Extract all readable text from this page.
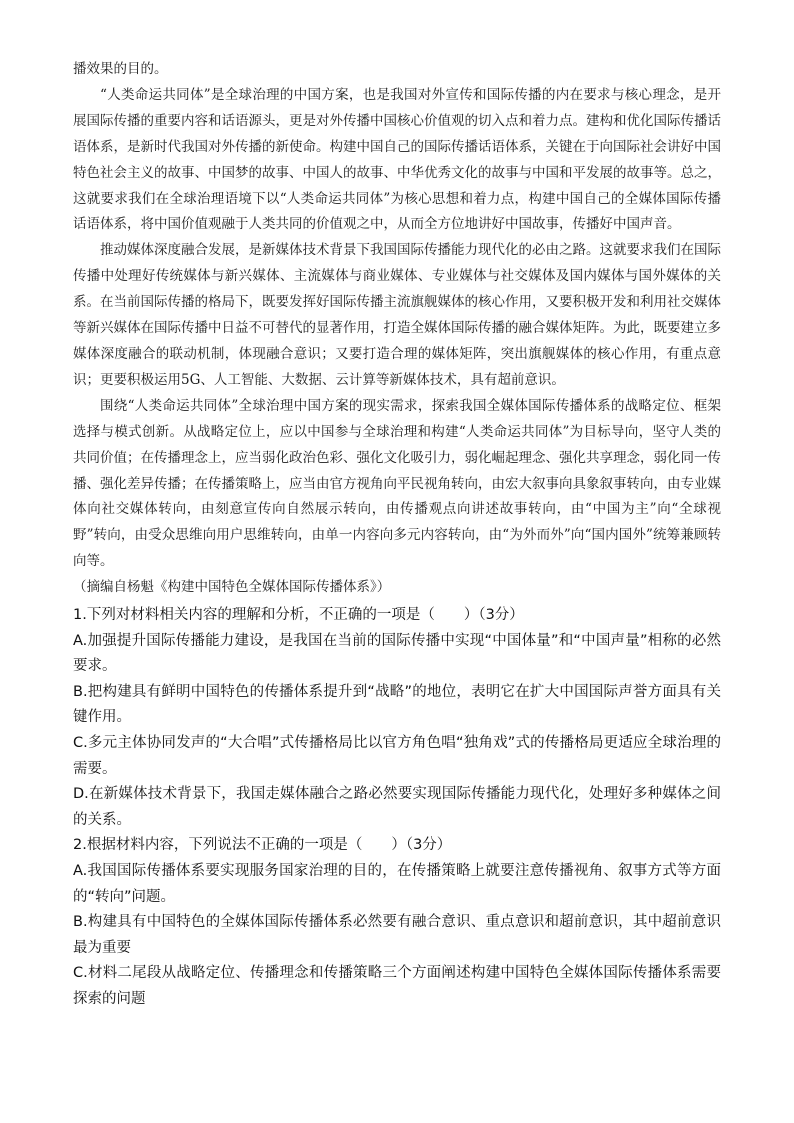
播效果的目的。

“人类命运共同体”是全球治理的中国方案，也是我国对外宣传和国际传播的内在要求与核心理念，是开展国际传播的重要内容和话语源头，更是对外传播中国核心价值观的切入点和着力点。建构和优化国际传播话语体系，是新时代我国对外传播的新使命。构建中国自己的国际传播话语体系，关键在于向国际社会讲好中国特色社会主义的故事、中国梦的故事、中国人的故事、中华优秀文化的故事与中国和平发展的故事等。总之，这就要求我们在全球治理语境下以“人类命运共同体”为核心思想和着力点，构建中国自己的全媒体国际传播话语体系，将中国价值观融于人类共同的价值观之中，从而全方位地讲好中国故事，传播好中国声音。

推动媒体深度融合发展，是新媒体技术背景下我国国际传播能力现代化的必由之路。这就要求我们在国际传播中处理好传统媒体与新兴媒体、主流媒体与商业媒体、专业媒体与社交媒体及国内媒体与国外媒体的关系。在当前国际传播的格局下，既要发挥好国际传播主流旗舰媒体的核心作用，又要积极开发和利用社交媒体等新兴媒体在国际传播中日益不可替代的显著作用，打造全媒体国际传播的融合媒体矩阵。为此，既要建立多媒体深度融合的联动机制，体现融合意识；又要打造合理的媒体矩阵，突出旗舰媒体的核心作用，有重点意识；更要积极运用5G、人工智能、大数据、云计算等新媒体技术，具有超前意识。

围绕“人类命运共同体”全球治理中国方案的现实需求，探索我国全媒体国际传播体系的战略定位、框架选择与模式创新。从战略定位上，应以中国参与全球治理和构建“人类命运共同体”为目标导向，坚守人类的共同价值；在传播理念上，应当弱化政治色彩、强化文化吸引力，弱化崛起理念、强化共享理念，弱化同一传播、强化差异传播；在传播策略上，应当由官方视角向平民视角转向，由宏大叙事向具象叙事转向，由专业媒体向社交媒体转向，由刻意宣传向自然展示转向，由传播观点向讲述故事转向，由“中国为主”向“全球视野”转向，由受众思维向用户思维转向，由单一内容向多元内容转向，由“为外而外”向“国内国外”统筹兼顾转向等。

（摘编自杨魁《构建中国特色全媒体国际传播体系》）

1.下列对材料相关内容的理解和分析，不正确的一项是（　　）（3分）

A.加强提升国际传播能力建设，是我国在当前的国际传播中实现“中国体量”和“中国声量”相称的必然要求。

B.把构建具有鲜明中国特色的传播体系提升到“战略”的地位，表明它在扩大中国国际声誉方面具有关键作用。

C.多元主体协同发声的“大合唱”式传播格局比以官方角色唱“独角戏”式的传播格局更适应全球治理的需要。

D.在新媒体技术背景下，我国走媒体融合之路必然要实现国际传播能力现代化，处理好多种媒体之间的关系。

2.根据材料内容，下列说法不正确的一项是（　　）（3分）

A.我国国际传播体系要实现服务国家治理的目的，在传播策略上就要注意传播视角、叙事方式等方面的“转向”问题。

B.构建具有中国特色的全媒体国际传播体系必然要有融合意识、重点意识和超前意识，其中超前意识最为重要

C.材料二尾段从战略定位、传播理念和传播策略三个方面阐述构建中国特色全媒体国际传播体系需要探索的问题
